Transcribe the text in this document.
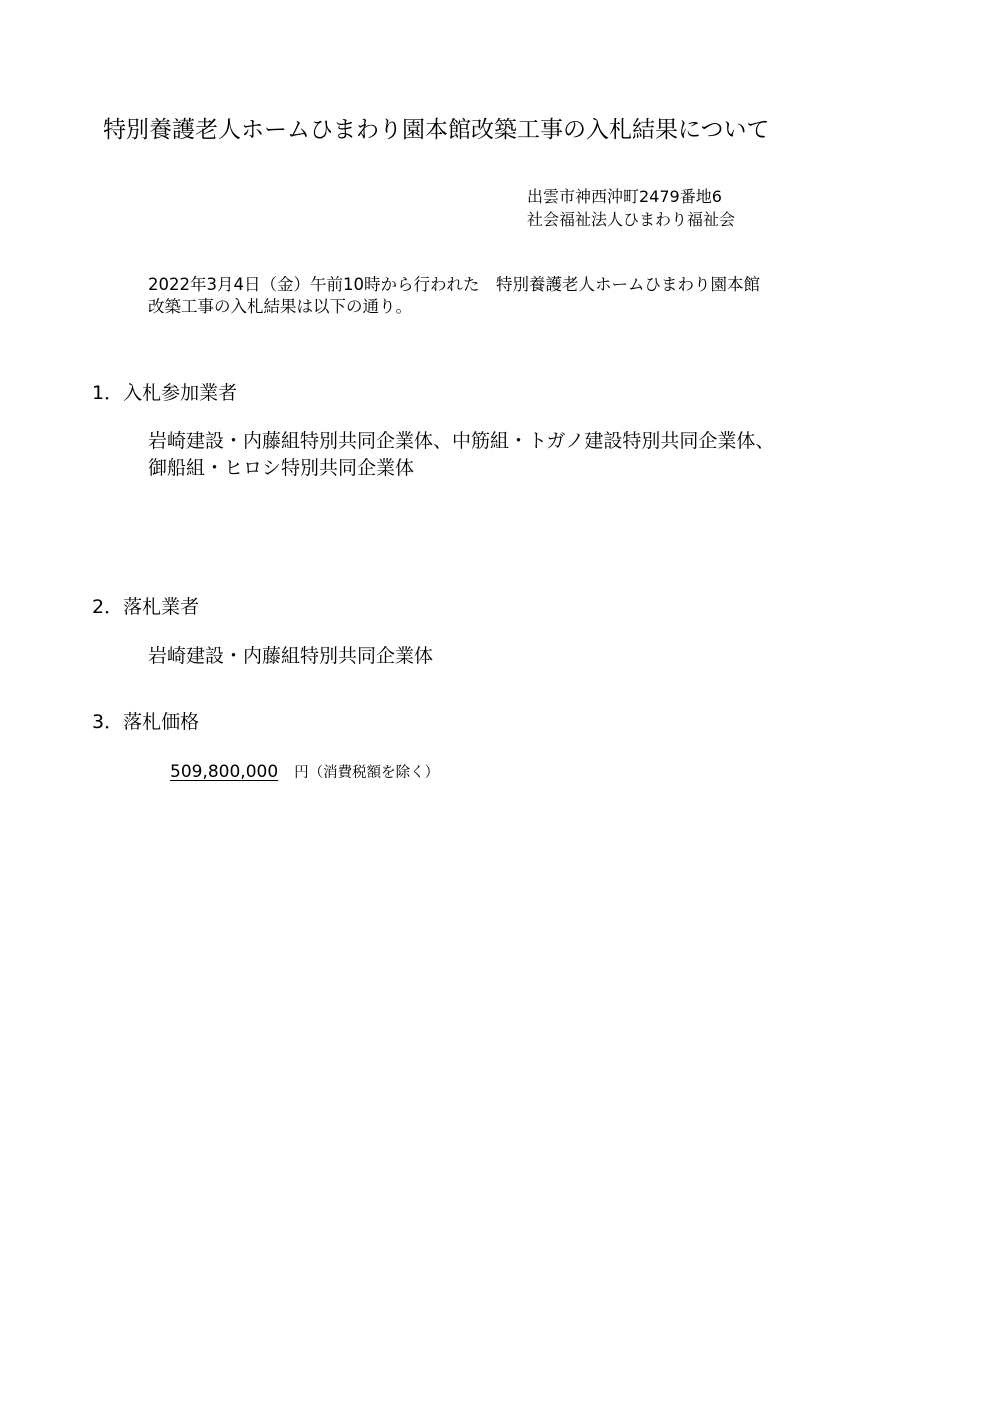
特別養護老人ホームひまわり園本館改築工事の入札結果について
出雲市神西沖町2479番地6
社会福祉法人ひまわり福祉会
2022年3月4日（金）午前10時から行われた　特別養護老人ホームひまわり園本館
改築工事の入札結果は以下の通り。
1．入札参加業者
岩崎建設・内藤組特別共同企業体、中筋組・トガノ建設特別共同企業体、
御船組・ヒロシ特別共同企業体
2．落札業者
岩崎建設・内藤組特別共同企業体
3．落札価格
509,800,000 円（消費税額を除く）
